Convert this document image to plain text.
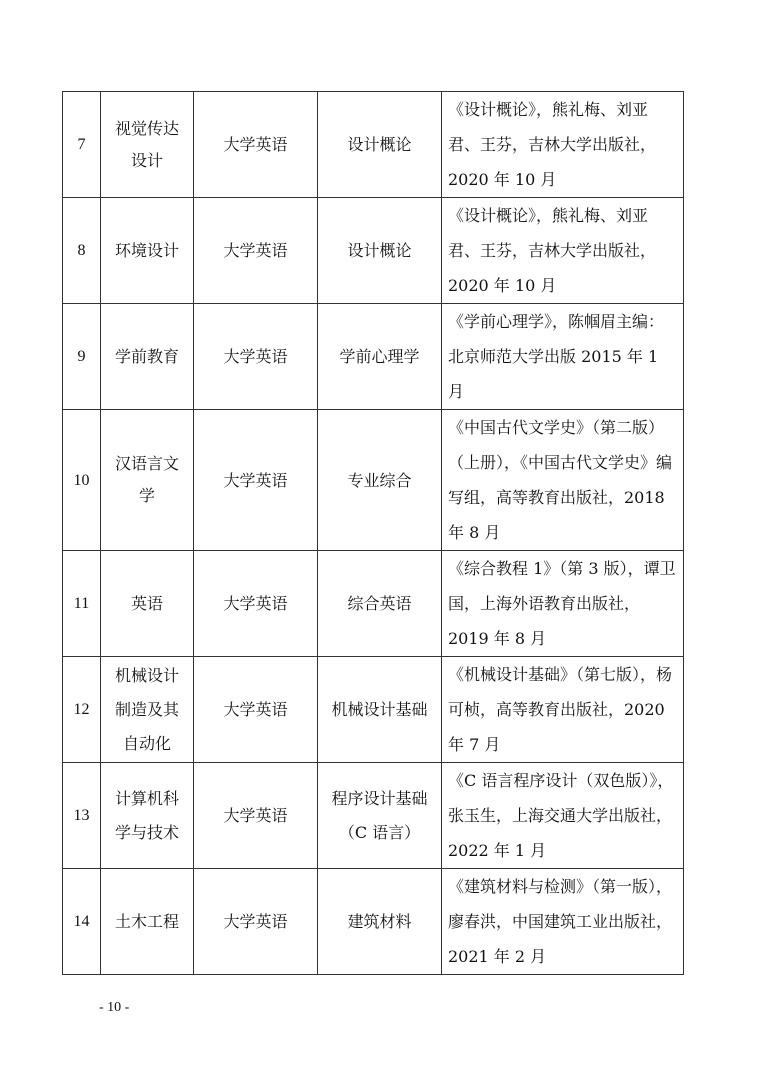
7	视觉传达设计	大学英语	设计概论	《设计概论》，熊礼梅、刘亚君、王芬，吉林大学出版社，2020 年 10 月
8	环境设计	大学英语	设计概论	《设计概论》，熊礼梅、刘亚君、王芬，吉林大学出版社，2020 年 10 月
9	学前教育	大学英语	学前心理学	《学前心理学》，陈帼眉主编：北京师范大学出版 2015 年 1 月
10	汉语言文学	大学英语	专业综合	《中国古代文学史》（第二版）（上册），《中国古代文学史》编写组，高等教育出版社，2018 年 8 月
11	英语	大学英语	综合英语	《综合教程 1》（第 3 版），谭卫国，上海外语教育出版社，2019 年 8 月
12	机械设计制造及其自动化	大学英语	机械设计基础	《机械设计基础》（第七版），杨可桢，高等教育出版社，2020 年 7 月
13	计算机科学与技术	大学英语	程序设计基础（C 语言）	《C 语言程序设计（双色版）》，张玉生，上海交通大学出版社，2022 年 1 月
14	土木工程	大学英语	建筑材料	《建筑材料与检测》（第一版），廖春洪，中国建筑工业出版社，2021 年 2 月
- 10 -
